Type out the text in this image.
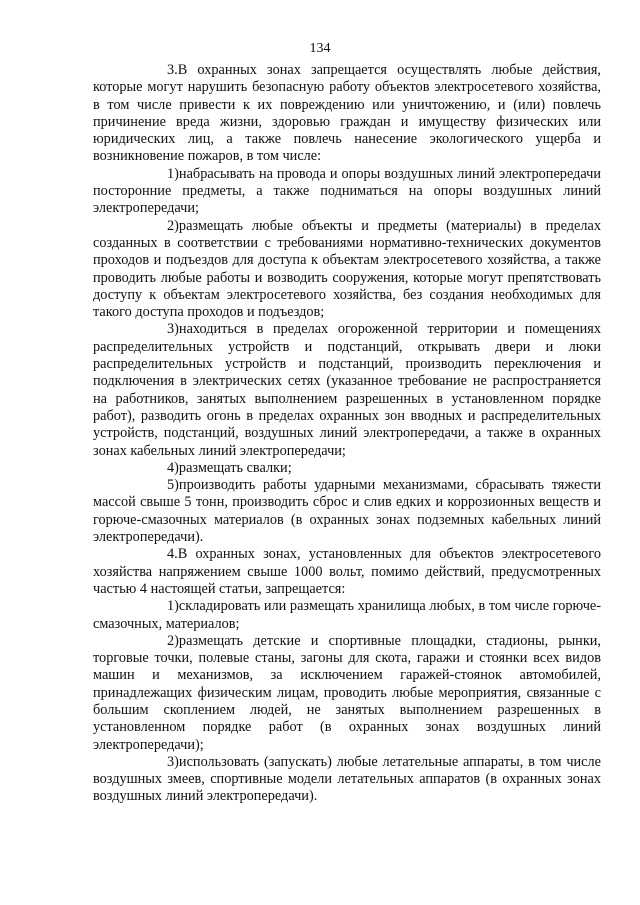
134

3.В охранных зонах запрещается осуществлять любые действия, которые могут нарушить безопасную работу объектов электросетевого хозяйства, в том числе привести к их повреждению или уничтожению, и (или) повлечь причинение вреда жизни, здоровью граждан и имуществу физических или юридических лиц, а также повлечь нанесение экологического ущерба и возникновение пожаров, в том числе:

1)набрасывать на провода и опоры воздушных линий электропередачи посторонние предметы, а также подниматься на опоры воздушных линий электропередачи;

2)размещать любые объекты и предметы (материалы) в пределах созданных в соответствии с требованиями нормативно-технических документов проходов и подъездов для доступа к объектам электросетевого хозяйства, а также проводить любые работы и возводить сооружения, которые могут препятствовать доступу к объектам электросетевого хозяйства, без создания необходимых для такого доступа проходов и подъездов;

3)находиться в пределах огороженной территории и помещениях распределительных устройств и подстанций, открывать двери и люки распределительных устройств и подстанций, производить переключения и подключения в электрических сетях (указанное требование не распространяется на работников, занятых выполнением разрешенных в установленном порядке работ), разводить огонь в пределах охранных зон вводных и распределительных устройств, подстанций, воздушных линий электропередачи, а также в охранных зонах кабельных линий электропередачи;

4)размещать свалки;

5)производить работы ударными механизмами, сбрасывать тяжести массой свыше 5 тонн, производить сброс и слив едких и коррозионных веществ и горюче-смазочных материалов (в охранных зонах подземных кабельных линий электропередачи).

4.В охранных зонах, установленных для объектов электросетевого хозяйства напряжением свыше 1000 вольт, помимо действий, предусмотренных частью 4 настоящей статьи, запрещается:

1)складировать или размещать хранилища любых, в том числе горюче-смазочных, материалов;

2)размещать детские и спортивные площадки, стадионы, рынки, торговые точки, полевые станы, загоны для скота, гаражи и стоянки всех видов машин и механизмов, за исключением гаражей-стоянок автомобилей, принадлежащих физическим лицам, проводить любые мероприятия, связанные с большим скоплением людей, не занятых выполнением разрешенных в установленном порядке работ (в охранных зонах воздушных линий электропередачи);

3)использовать (запускать) любые летательные аппараты, в том числе воздушных змеев, спортивные модели летательных аппаратов (в охранных зонах воздушных линий электропередачи).
